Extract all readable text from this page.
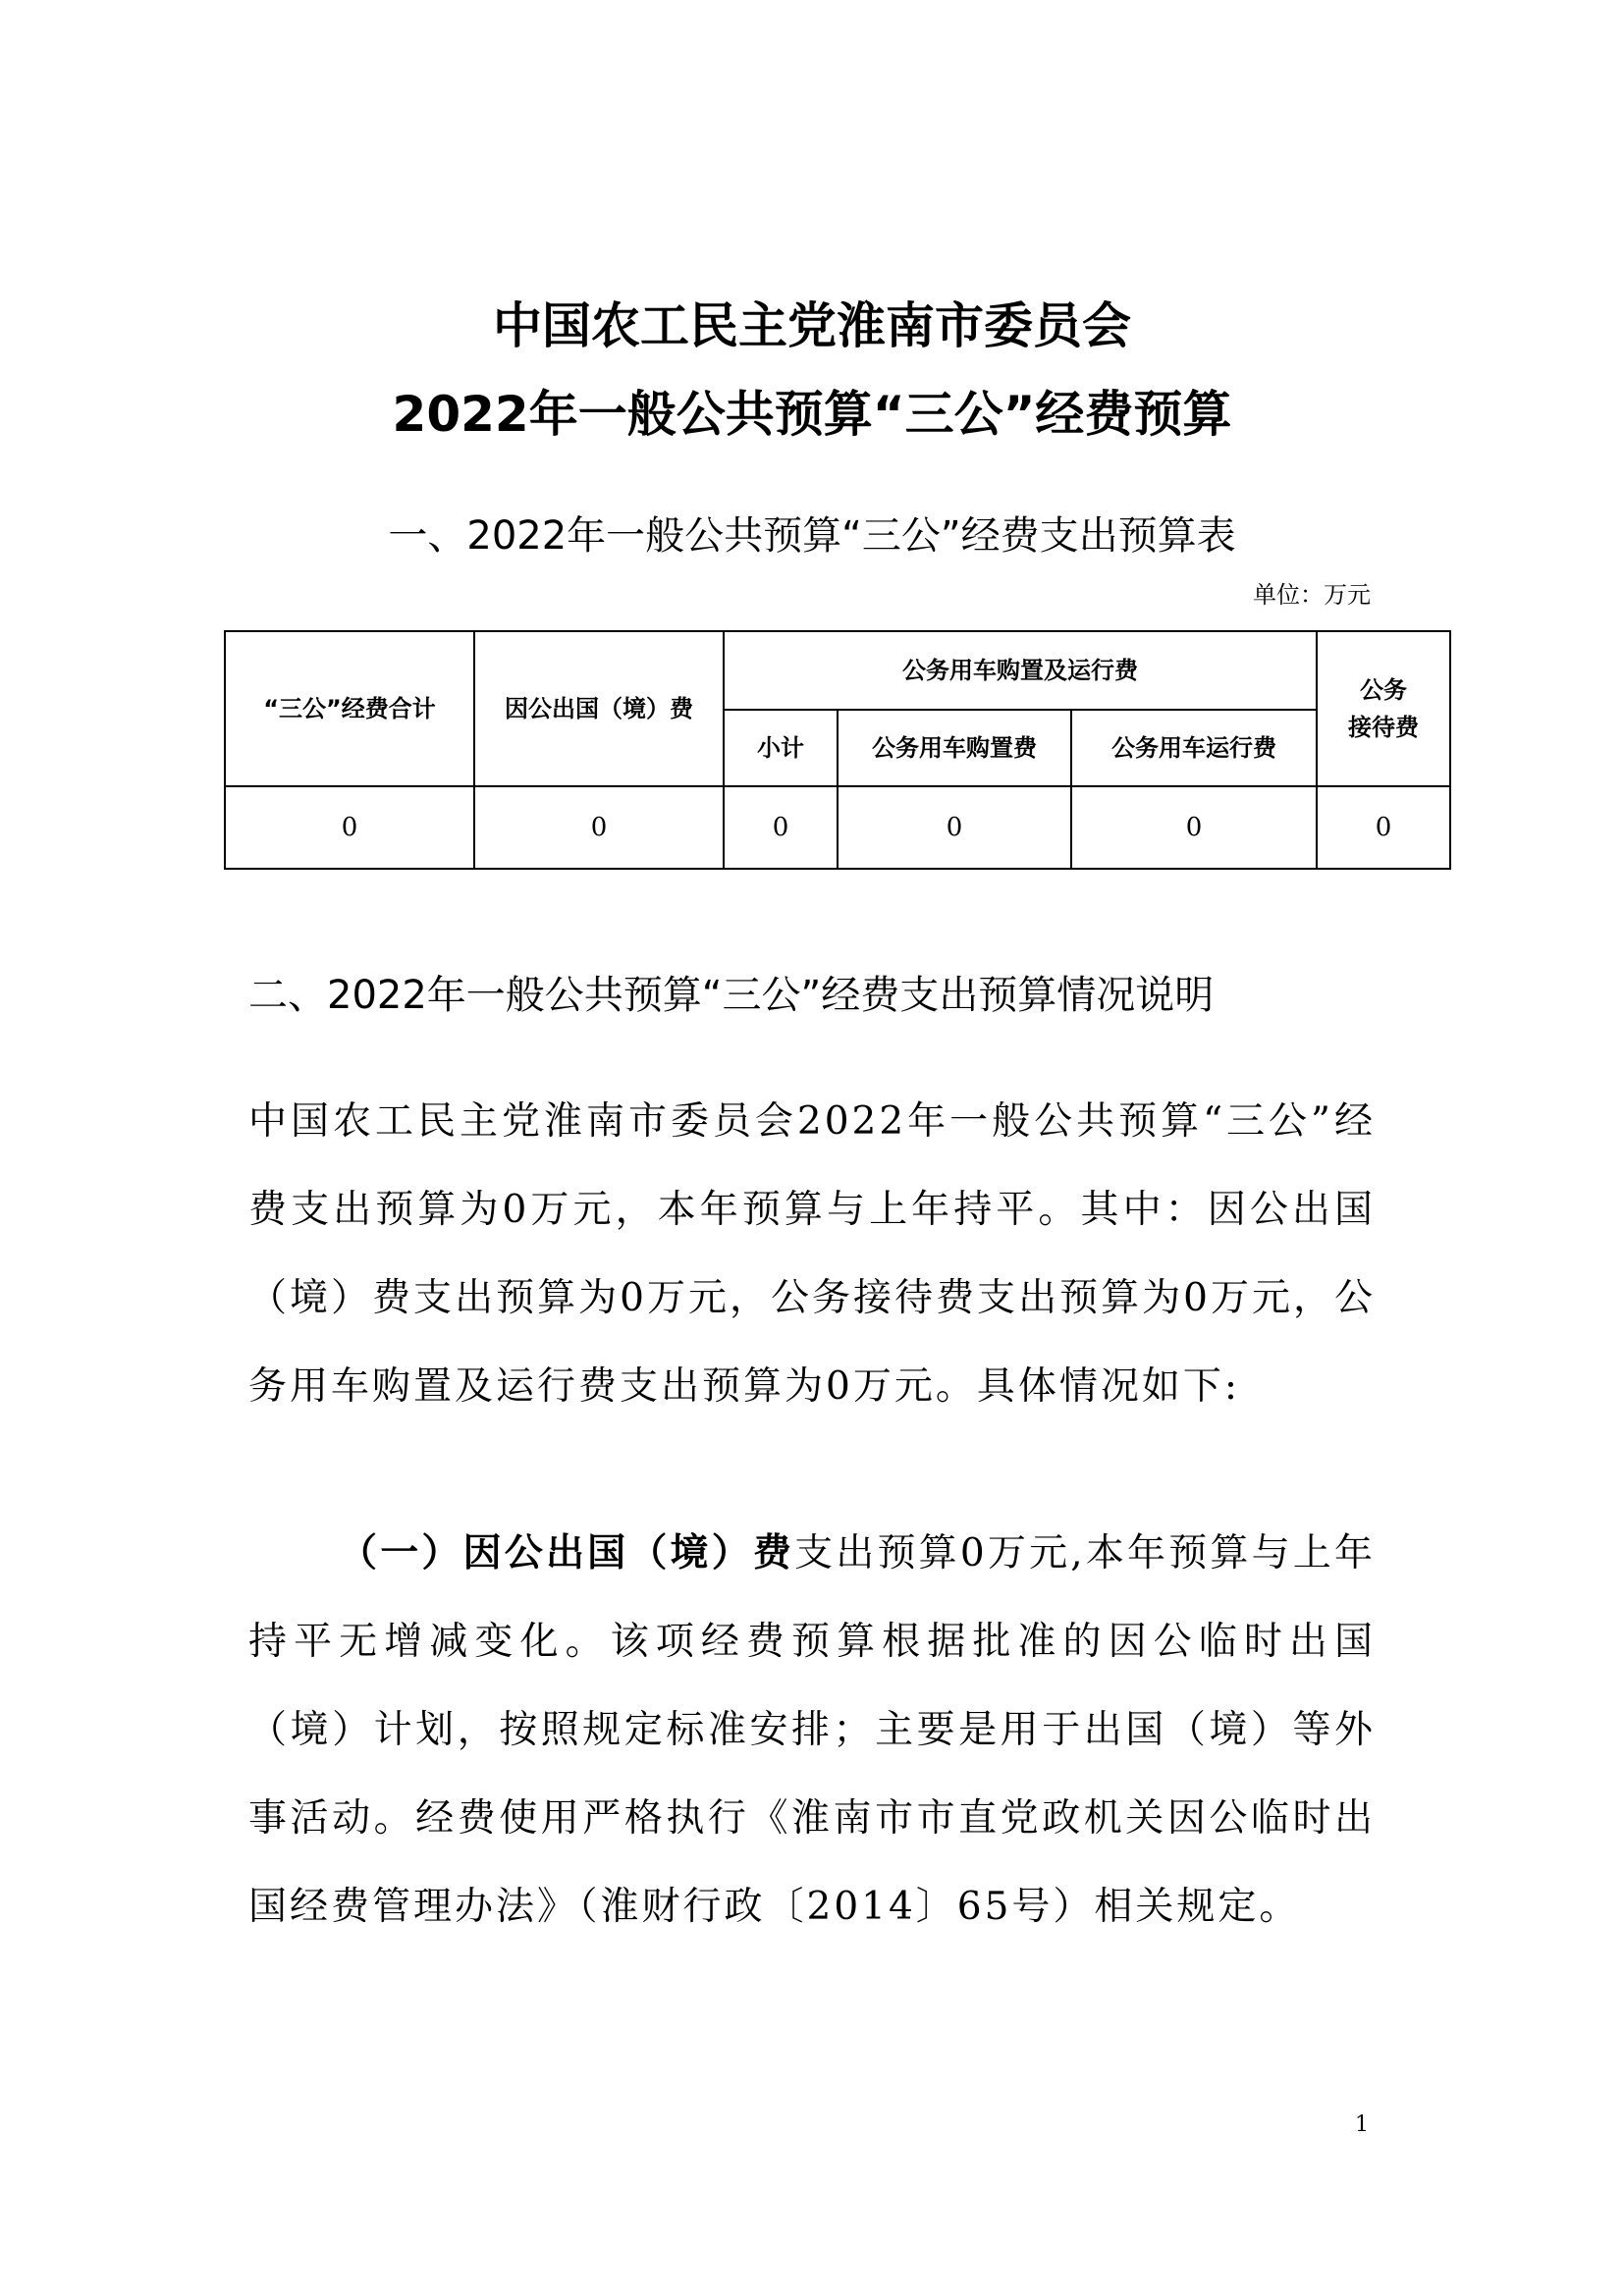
中国农工民主党淮南市委员会
2022年一般公共预算“三公”经费预算
一、2022年一般公共预算“三公”经费支出预算表
单位：万元
“三公”经费合计	因公出国（境）费	公务用车购置及运行费			公务
接待费

		小计	公务用车购置费	公务用车运行费	
0	0	0	0	0	0
二、2022年一般公共预算“三公”经费支出预算情况说明

中国农工民主党淮南市委员会2022年一般公共预算“三公”经费支出预算为0万元，本年预算与上年持平。其中：因公出国（境）费支出预算为0万元，公务接待费支出预算为0万元，公务用车购置及运行费支出预算为0万元。具体情况如下:

（一）因公出国（境）费支出预算0万元,本年预算与上年持平无增减变化。该项经费预算根据批准的因公临时出国（境）计划，按照规定标准安排；主要是用于出国（境）等外事活动。经费使用严格执行《淮南市市直党政机关因公临时出国经费管理办法》（淮财行政〔2014〕65号）相关规定。

1
